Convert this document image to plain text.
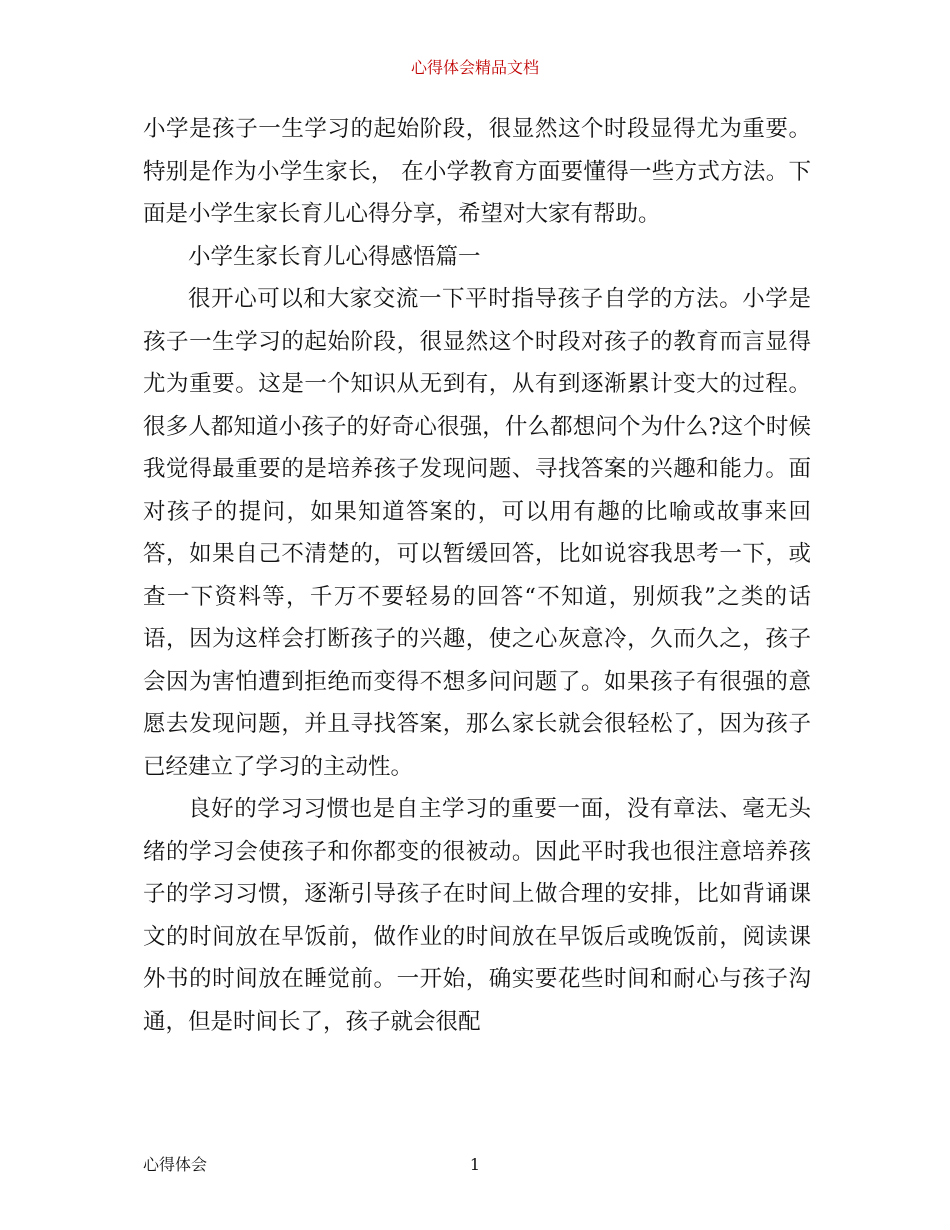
心得体会精品文档

小学是孩子一生学习的起始阶段，很显然这个时段显得尤为重要。特别是作为小学生家长， 在小学教育方面要懂得一些方式方法。下面是小学生家长育儿心得分享，希望对大家有帮助。

小学生家长育儿心得感悟篇一

很开心可以和大家交流一下平时指导孩子自学的方法。小学是孩子一生学习的起始阶段，很显然这个时段对孩子的教育而言显得尤为重要。这是一个知识从无到有，从有到逐渐累计变大的过程。很多人都知道小孩子的好奇心很强，什么都想问个为什么?这个时候我觉得最重要的是培养孩子发现问题、寻找答案的兴趣和能力。面对孩子的提问，如果知道答案的，可以用有趣的比喻或故事来回答，如果自己不清楚的，可以暂缓回答，比如说容我思考一下，或查一下资料等，千万不要轻易的回答“不知道，别烦我”之类的话语，因为这样会打断孩子的兴趣，使之心灰意冷，久而久之，孩子会因为害怕遭到拒绝而变得不想多问问题了。如果孩子有很强的意愿去发现问题，并且寻找答案，那么家长就会很轻松了，因为孩子已经建立了学习的主动性。

良好的学习习惯也是自主学习的重要一面，没有章法、毫无头绪的学习会使孩子和你都变的很被动。因此平时我也很注意培养孩子的学习习惯，逐渐引导孩子在时间上做合理的安排，比如背诵课文的时间放在早饭前，做作业的时间放在早饭后或晚饭前，阅读课外书的时间放在睡觉前。一开始，确实要花些时间和耐心与孩子沟通，但是时间长了，孩子就会很配

心得体会	1
